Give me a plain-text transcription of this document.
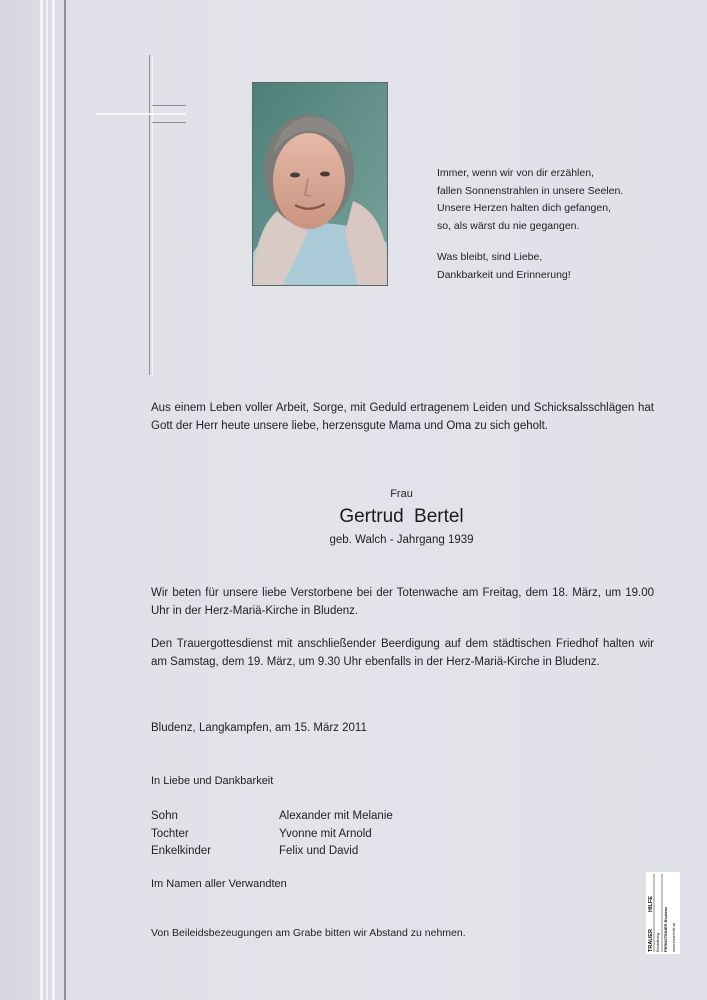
Immer, wenn wir von dir erzählen,
fallen Sonnenstrahlen in unsere Seelen.
Unsere Herzen halten dich gefangen,
so, als wärst du nie gegangen.
Was bleibt, sind Liebe,
Dankbarkeit und Erinnerung!
Aus einem Leben voller Arbeit, Sorge, mit Geduld ertragenem Leiden und Schicksalsschlägen hat Gott der Herr heute unsere liebe, herzensgute Mama und Oma zu sich geholt.
Frau
Gertrud Bertel
geb. Walch - Jahrgang 1939
Wir beten für unsere liebe Verstorbene bei der Totenwache am Freitag, dem 18. März, um 19.00 Uhr in der Herz-Mariä-Kirche in Bludenz.
Den Trauergottesdienst mit anschließender Beerdigung auf dem städtischen Friedhof halten wir am Samstag, dem 19. März, um 9.30 Uhr ebenfalls in der Herz-Mariä-Kirche in Bludenz.
Bludenz, Langkampfen, am 15. März 2011
In Liebe und Dankbarkeit
Sohn	Alexander mit Melanie
Tochter	Yvonne mit Arnold
Enkelkinder	Felix und David
Im Namen aller Verwandten
Von Beileidsbezeugungen am Grabe bitten wir Abstand zu nehmen.	TRAUER
HILFE
Bestattung PERNSTEINER Bludenz www.trauerhilfe.at
